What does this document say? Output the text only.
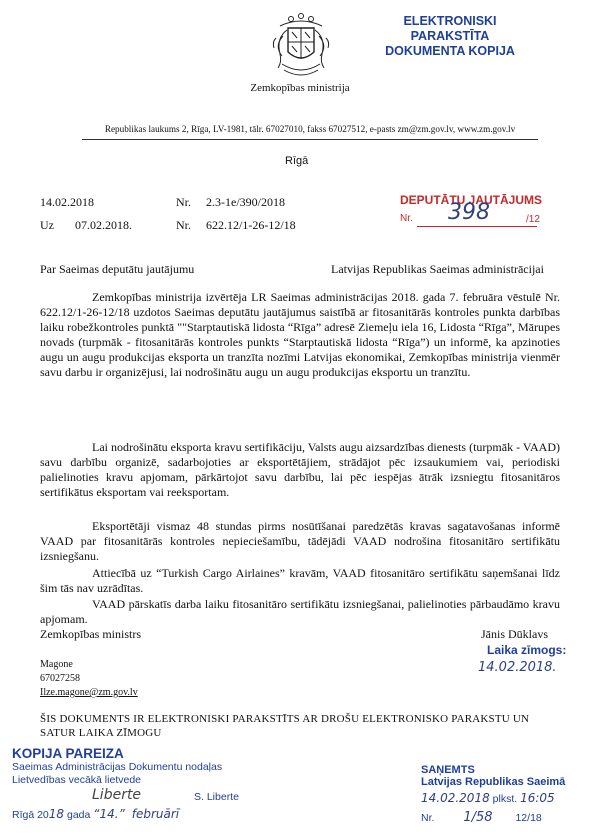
Zemkopības ministrija
ELEKTRONISKI PARAKSTĪTA
DOKUMENTA KOPIJA
Republikas laukums 2, Rīga, LV-1981, tālr. 67027010, fakss 67027512, e-pasts zm@zm.gov.lv, www.zm.gov.lv
Rīgā
14.02.2018	Nr. 2.3-1e/390/2018
Uz 07.02.2018.	Nr. 622.12/1-26-12/18
DEPUTĀTU JAUTĀJUMS
Nr. 398	/12
Par Saeimas deputātu jautājumu	Latvijas Republikas Saeimas administrācijai
Zemkopības ministrija izvērtēja LR Saeimas administrācijas 2018. gada 7. februāra vēstulē Nr. 622.12/1-26-12/18 uzdotos Saeimas deputātu jautājumus saistībā ar fitosanitārās kontroles punkta darbības laiku robežkontroles punktā ""Starptautiskā lidosta “Rīga” adresē Ziemeļu iela 16, Lidosta “Rīga”, Mārupes novads (turpmāk - fitosanitārās kontroles punkts “Starptautiskā lidosta “Rīga”) un informē, ka apzinoties augu un augu produkcijas eksporta un tranzīta nozīmi Latvijas ekonomikai, Zemkopības ministrija vienmēr savu darbu ir organizējusi, lai nodrošinātu augu un augu produkcijas eksportu un tranzītu.
Lai nodrošinātu eksporta kravu sertifikāciju, Valsts augu aizsardzības dienests (turpmāk - VAAD) savu darbību organizē, sadarbojoties ar eksportētājiem, strādājot pēc izsaukumiem vai, periodiski palielinoties kravu apjomam, pārkārtojot savu darbību, lai pēc iespējas ātrāk izsniegtu fitosanitāros sertifikātus eksportam vai reeksportam.
Eksportētāji vismaz 48 stundas pirms nosūtīšanai paredzētās kravas sagatavošanas informē VAAD par fitosanitārās kontroles nepieciešamību, tādējādi VAAD nodrošina fitosanitāro sertifikātu izsniegšanu.
Attiecībā uz “Turkish Cargo Airlaines” kravām, VAAD fitosanitāro sertifikātu saņemšanai līdz šim tās nav uzrādītas.
VAAD pārskatīs darba laiku fitosanitāro sertifikātu izsniegšanai, palielinoties pārbaudāmo kravu apjomam.
Zemkopības ministrs	Jānis Dūklavs
Laika zīmogs:
14.02.2018.
Magone
67027258
Ilze.magone@zm.gov.lv
ŠIS DOKUMENTS IR ELEKTRONISKI PARAKSTĪTS AR DROŠU ELEKTRONISKO PARAKSTU UN SATUR LAIKA ZĪMOGU
KOPIJA PAREIZA
Saeimas Administrācijas Dokumentu nodaļas
Lietvedības vecākā lietvede
Liberte	S. Liberte
Rīgā 2018 gada “14.” februārī
SAŅEMTS
Latvijas Republikas Saeimā
14.02.2018 plkst. 16:05
Nr. 1/58 12/18
